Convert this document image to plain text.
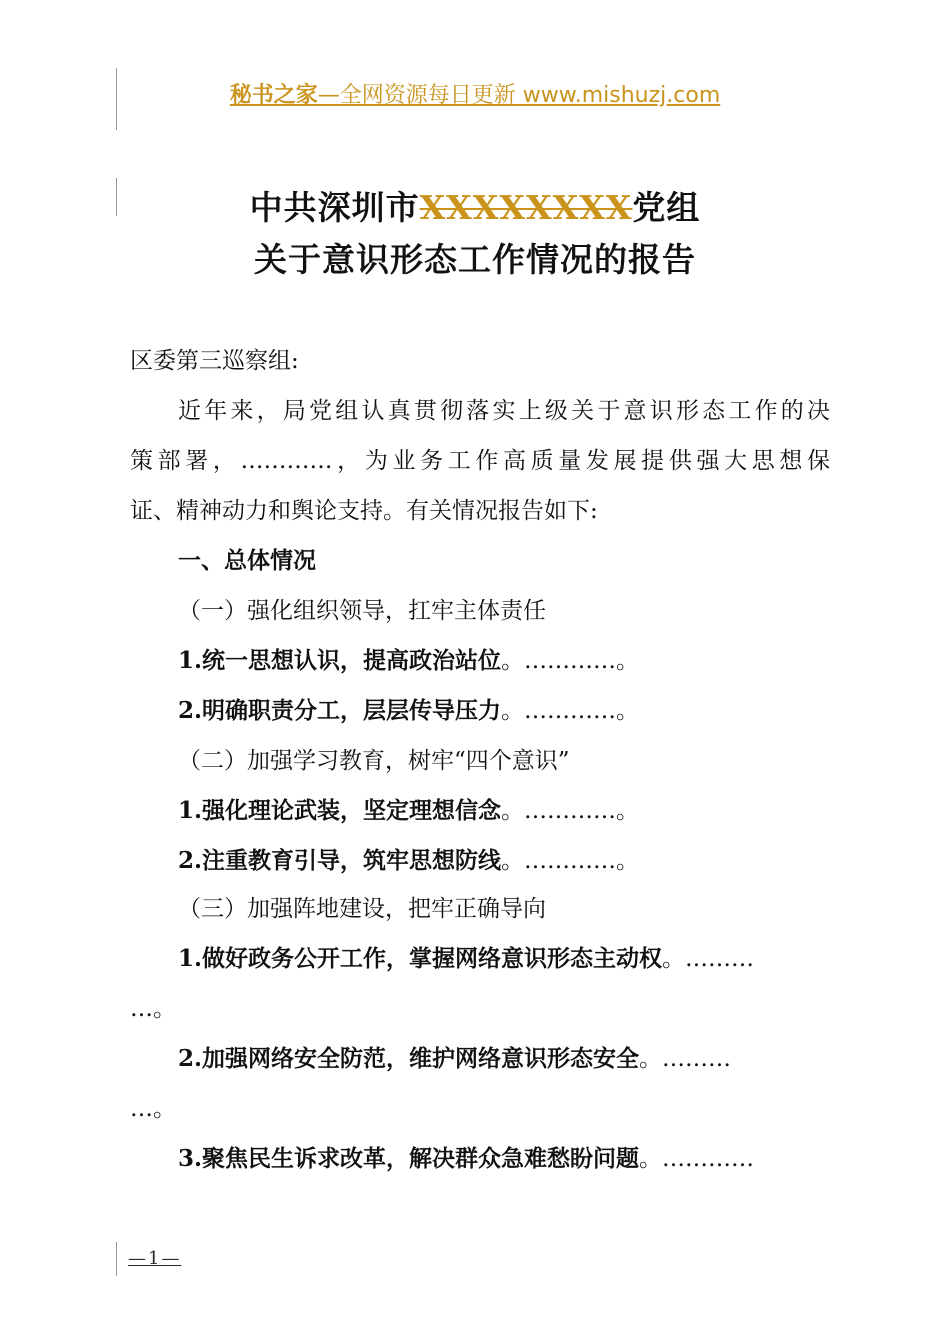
秘书之家—全网资源每日更新 www.mishuzj.com
中共深圳市XXXXXXXX党组
关于意识形态工作情况的报告
区委第三巡察组:
近年来，局党组认真贯彻落实上级关于意识形态工作的决
策部署，…………，为业务工作高质量发展提供强大思想保
证、精神动力和舆论支持。有关情况报告如下:
一、总体情况
（一）强化组织领导，扛牢主体责任
1.统一思想认识，提高政治站位。…………。
2.明确职责分工，层层传导压力。…………。
（二）加强学习教育，树牢“四个意识”
1.强化理论武装，坚定理想信念。…………。
2.注重教育引导，筑牢思想防线。…………。
（三）加强阵地建设，把牢正确导向
1.做好政务公开工作，掌握网络意识形态主动权。………
…。
2.加强网络安全防范，维护网络意识形态安全。………
…。
3.聚焦民生诉求改革，解决群众急难愁盼问题。…………
—1—
